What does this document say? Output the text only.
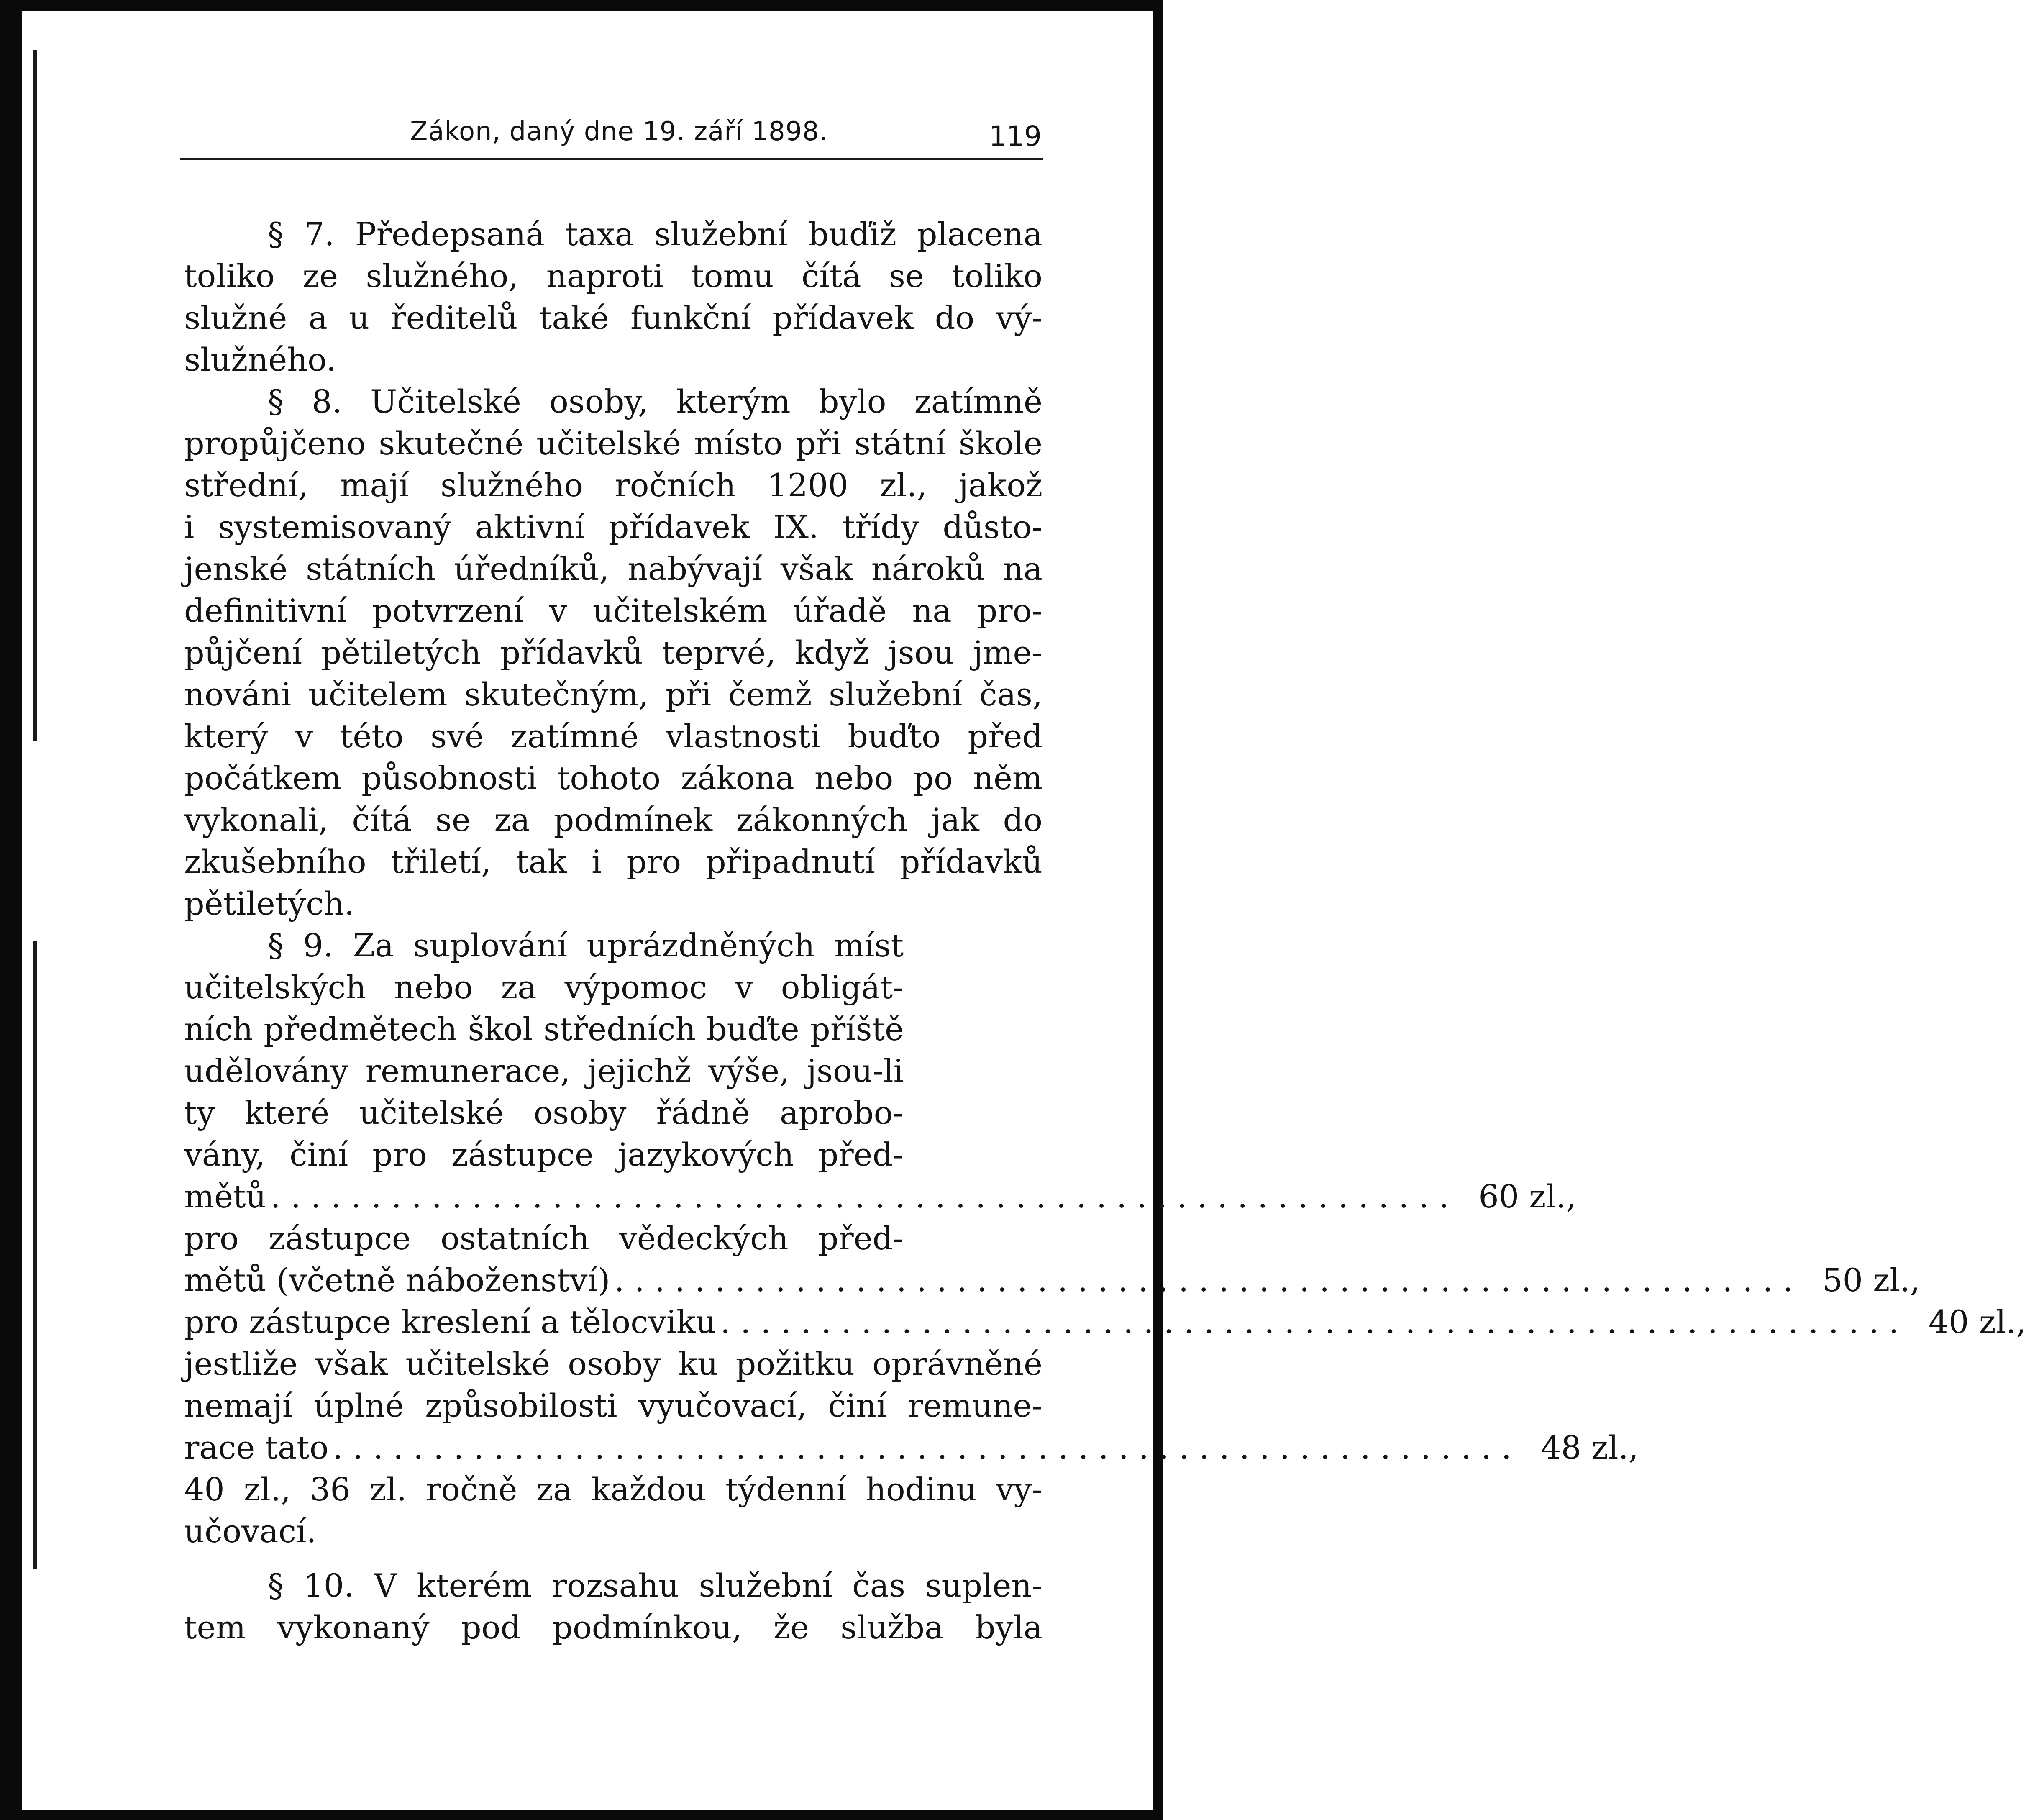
Zákon, daný dne 19. září 1898.	119
§ 7. Předepsaná taxa služební buďiž placena
toliko ze služného, naproti tomu čítá se toliko
služné a u ředitelů také funkční přídavek do vý-
služného.
§ 8. Učitelské osoby, kterým bylo zatímně
propůjčeno skutečné učitelské místo při státní škole
střední, mají služného ročních 1200 zl., jakož
i systemisovaný aktivní přídavek IX. třídy důsto-
jenské státních úředníků, nabývají však nároků na
definitivní potvrzení v učitelském úřadě na pro-
půjčení pětiletých přídavků teprvé, když jsou jme-
nováni učitelem skutečným, při čemž služební čas,
který v této své zatímné vlastnosti buďto před
počátkem působnosti tohoto zákona nebo po něm
vykonali, čítá se za podmínek zákonných jak do
zkušebního třiletí, tak i pro připadnutí přídavků
pětiletých.
§ 9. Za suplování uprázdněných míst
učitelských nebo za výpomoc v obligát-
ních předmětech škol středních buďte příště
udělovány remunerace, jejichž výše, jsou-li
ty které učitelské osoby řádně aprobo-
vány, činí pro zástupce jazykových před-
mětů ........................................................... 60 zl.,
pro zástupce ostatních vědeckých před-
mětů (včetně náboženství) ........................................................... 50 zl.,
pro zástupce kreslení a tělocviku ........................................................... 40 zl.,
jestliže však učitelské osoby ku požitku oprávněné
nemají úplné způsobilosti vyučovací, činí remune-
race tato ........................................................... 48 zl.,
40 zl., 36 zl. ročně za každou týdenní hodinu vy-
učovací.
§ 10. V kterém rozsahu služební čas suplen-
tem vykonaný pod podmínkou, že služba byla
